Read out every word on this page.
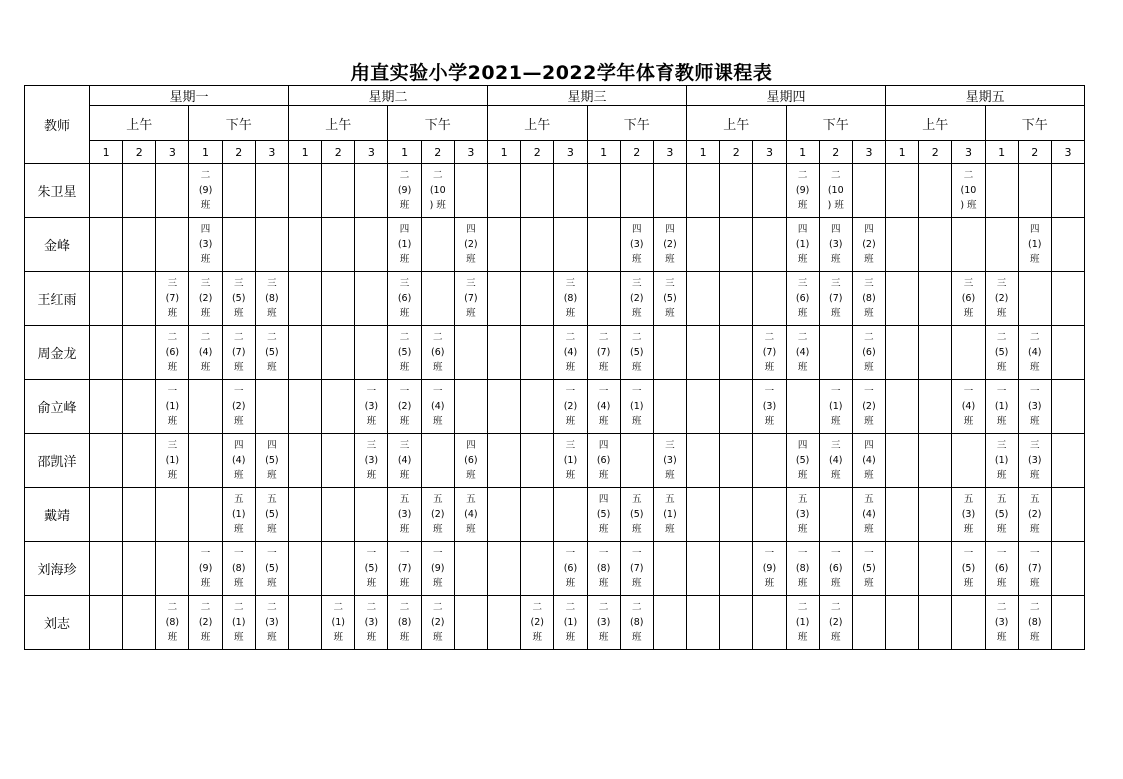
甪直实验小学2021—2022学年体育教师课程表
教师	星期一						星期二						星期三						星期四						星期五					
	上午			下午			上午			下午			上午			下午			上午			下午			上午			下午		
	1	2	3	1	2	3	1	2	3	1	2	3	1	2	3	1	2	3	1	2	3	1	2	3	1	2	3	1	2	3
朱卫星				二
(9)
班						二
(9)
班	二
(10
) 班											二
(9)
班	二
(10
) 班				二
(10
) 班			
金峰				四
(3)
班						四
(1)
班		四
(2)
班					四
(3)
班	四
(2)
班				四
(1)
班	四
(3)
班	四
(2)
班					四
(1)
班	
王红雨			三
(7)
班	三
(2)
班	三
(5)
班	三
(8)
班				三
(6)
班		三
(7)
班			三
(8)
班		三
(2)
班	三
(5)
班				三
(6)
班	三
(7)
班	三
(8)
班			三
(6)
班	三
(2)
班		
周金龙			二
(6)
班	二
(4)
班	二
(7)
班	二
(5)
班				二
(5)
班	二
(6)
班				二
(4)
班	二
(7)
班	二
(5)
班				二
(7)
班	二
(4)
班		二
(6)
班				二
(5)
班	二
(4)
班	
俞立峰			一
(1)
班		一
(2)
班				一
(3)
班	一
(2)
班	一
(4)
班				一
(2)
班	一
(4)
班	一
(1)
班				一
(3)
班		一
(1)
班	一
(2)
班			一
(4)
班	一
(1)
班	一
(3)
班	
邵凯洋			三
(1)
班		四
(4)
班	四
(5)
班			三
(3)
班	三
(4)
班		四
(6)
班			三
(1)
班	四
(6)
班		三
(3)
班				四
(5)
班	三
(4)
班	四
(4)
班				三
(1)
班	三
(3)
班	
戴靖					五
(1)
班	五
(5)
班				五
(3)
班	五
(2)
班	五
(4)
班				四
(5)
班	五
(5)
班	五
(1)
班				五
(3)
班		五
(4)
班			五
(3)
班	五
(5)
班	五
(2)
班	
刘海珍				一
(9)
班	一
(8)
班	一
(5)
班			一
(5)
班	一
(7)
班	一
(9)
班				一
(6)
班	一
(8)
班	一
(7)
班				一
(9)
班	一
(8)
班	一
(6)
班	一
(5)
班			一
(5)
班	一
(6)
班	一
(7)
班	
刘志			二
(8)
班	二
(2)
班	二
(1)
班	二
(3)
班		二
(1)
班	二
(3)
班	二
(8)
班	二
(2)
班			二
(2)
班	二
(1)
班	二
(3)
班	二
(8)
班					二
(1)
班	二
(2)
班					二
(3)
班	二
(8)
班	
